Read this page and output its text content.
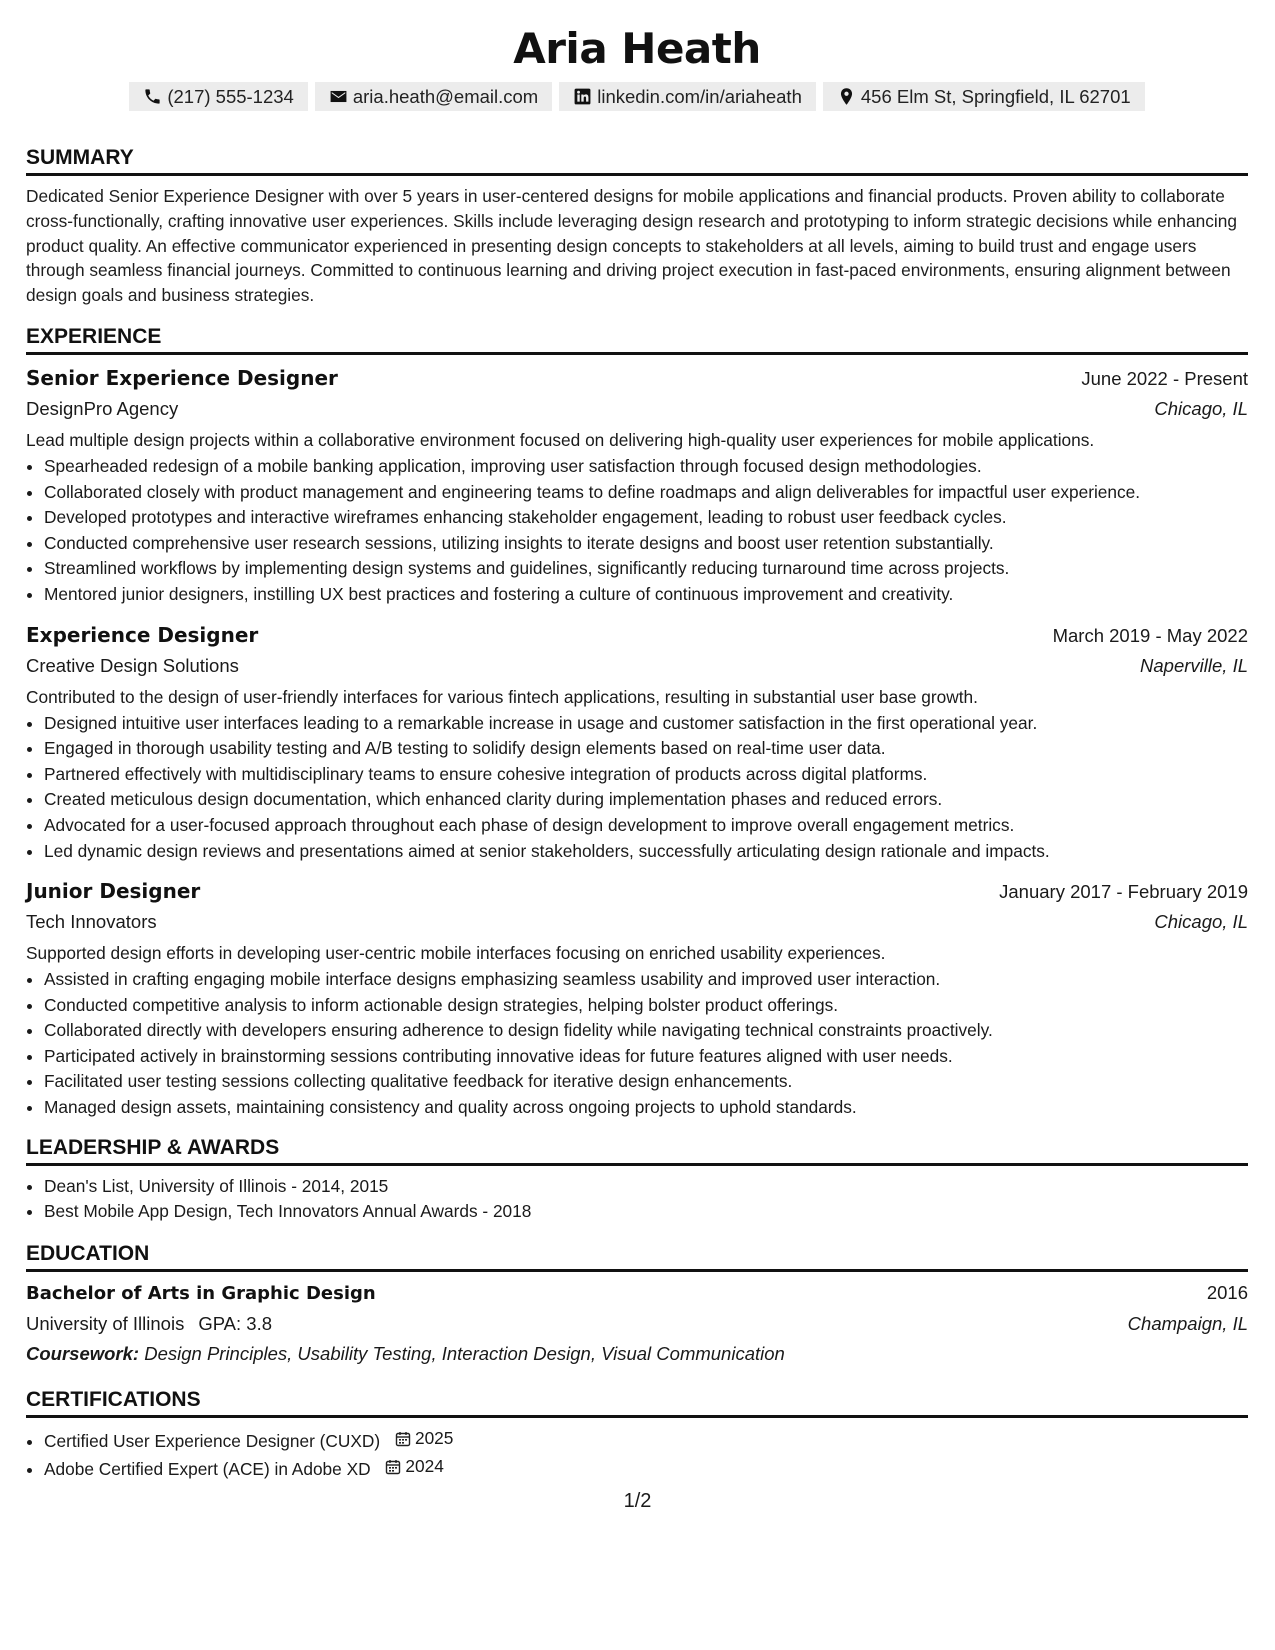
Aria Heath
(217) 555-1234	aria.heath@email.com	linkedin.com/in/ariaheath	456 Elm St, Springfield, IL 62701
SUMMARY

Dedicated Senior Experience Designer with over 5 years in user-centered designs for mobile applications and financial products. Proven ability to collaborate cross-functionally, crafting innovative user experiences. Skills include leveraging design research and prototyping to inform strategic decisions while enhancing product quality. An effective communicator experienced in presenting design concepts to stakeholders at all levels, aiming to build trust and engage users through seamless financial journeys. Committed to continuous learning and driving project execution in fast-paced environments, ensuring alignment between design goals and business strategies.

EXPERIENCE
Senior Experience Designer	June 2022 - Present
DesignPro Agency	Chicago, IL
Lead multiple design projects within a collaborative environment focused on delivering high-quality user experiences for mobile applications.
• Spearheaded redesign of a mobile banking application, improving user satisfaction through focused design methodologies.
• Collaborated closely with product management and engineering teams to define roadmaps and align deliverables for impactful user experience.
• Developed prototypes and interactive wireframes enhancing stakeholder engagement, leading to robust user feedback cycles.
• Conducted comprehensive user research sessions, utilizing insights to iterate designs and boost user retention substantially.
• Streamlined workflows by implementing design systems and guidelines, significantly reducing turnaround time across projects.
• Mentored junior designers, instilling UX best practices and fostering a culture of continuous improvement and creativity.
Experience Designer	March 2019 - May 2022
Creative Design Solutions	Naperville, IL
Contributed to the design of user-friendly interfaces for various fintech applications, resulting in substantial user base growth.
• Designed intuitive user interfaces leading to a remarkable increase in usage and customer satisfaction in the first operational year.
• Engaged in thorough usability testing and A/B testing to solidify design elements based on real-time user data.
• Partnered effectively with multidisciplinary teams to ensure cohesive integration of products across digital platforms.
• Created meticulous design documentation, which enhanced clarity during implementation phases and reduced errors.
• Advocated for a user-focused approach throughout each phase of design development to improve overall engagement metrics.
• Led dynamic design reviews and presentations aimed at senior stakeholders, successfully articulating design rationale and impacts.
Junior Designer	January 2017 - February 2019
Tech Innovators	Chicago, IL
Supported design efforts in developing user-centric mobile interfaces focusing on enriched usability experiences.
• Assisted in crafting engaging mobile interface designs emphasizing seamless usability and improved user interaction.
• Conducted competitive analysis to inform actionable design strategies, helping bolster product offerings.
• Collaborated directly with developers ensuring adherence to design fidelity while navigating technical constraints proactively.
• Participated actively in brainstorming sessions contributing innovative ideas for future features aligned with user needs.
• Facilitated user testing sessions collecting qualitative feedback for iterative design enhancements.
• Managed design assets, maintaining consistency and quality across ongoing projects to uphold standards.
LEADERSHIP & AWARDS
• Dean's List, University of Illinois - 2014, 2015
• Best Mobile App Design, Tech Innovators Annual Awards - 2018
EDUCATION
Bachelor of Arts in Graphic Design	2016
University of Illinois GPA: 3.8	Champaign, IL
Coursework: Design Principles, Usability Testing, Interaction Design, Visual Communication
CERTIFICATIONS
• Certified User Experience Designer (CUXD) 2025
• Adobe Certified Expert (ACE) in Adobe XD 2024
1/2
